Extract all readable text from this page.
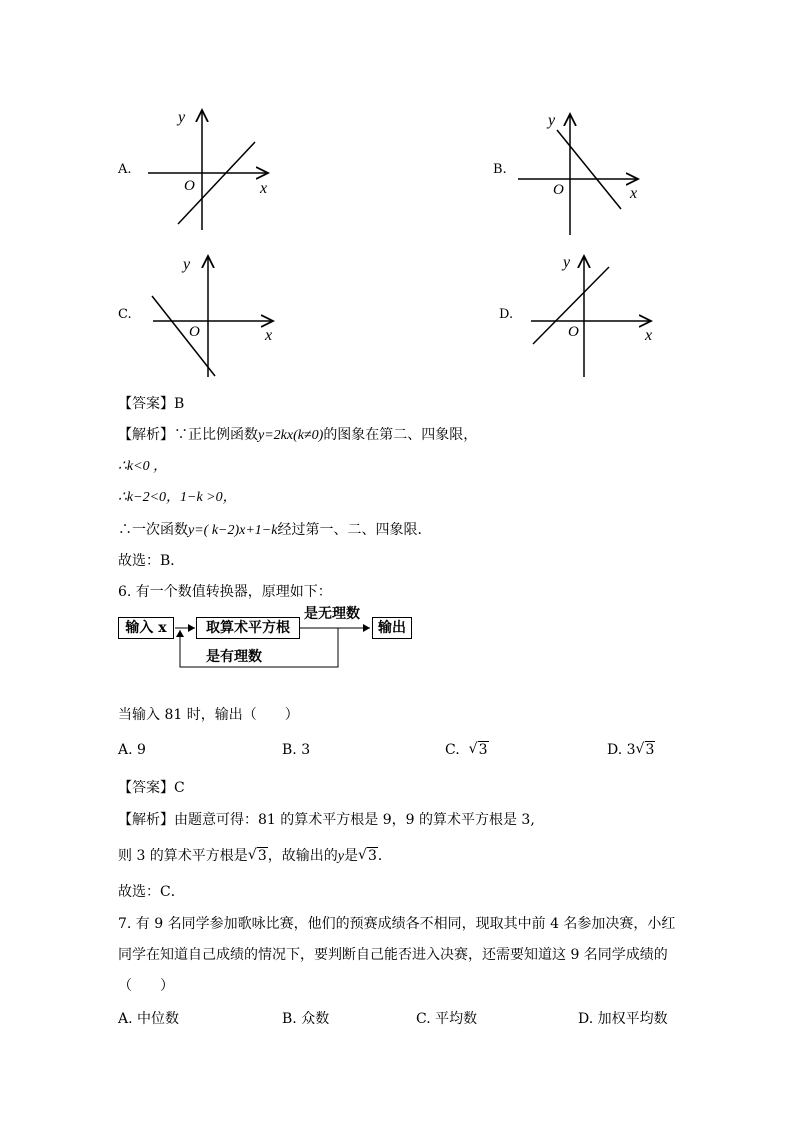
A.
y
x
O
B.
y
x
O
C.
y
x
O
D.
y
x
O
【答案】B
【解析】∵正比例函数y=2kx(k≠0)的图象在第二、四象限，
∴k<0 ，
∴k−2<0，1−k >0，
∴一次函数y=( k−2)x+1−k经过第一、二、四象限．
故选：B．
6. 有一个数值转换器，原理如下：
输入 x	取算术平方根	输出
是无理数
是有理数
当输入 81 时，输出（　　）
A. 9	B. 3	C. √ 3	D. 3 √ 3
【答案】C
【解析】由题意可得：81 的算术平方根是 9，9 的算术平方根是 3,
则 3 的算术平方根是 √ 3，故输出的y是 √ 3．
故选：C．
7. 有 9 名同学参加歌咏比赛，他们的预赛成绩各不相同，现取其中前 4 名参加决赛，小红
同学在知道自己成绩的情况下，要判断自己能否进入决赛，还需要知道这 9 名同学成绩的
（　　）
A. 中位数	B. 众数	C. 平均数	D. 加权平均数
